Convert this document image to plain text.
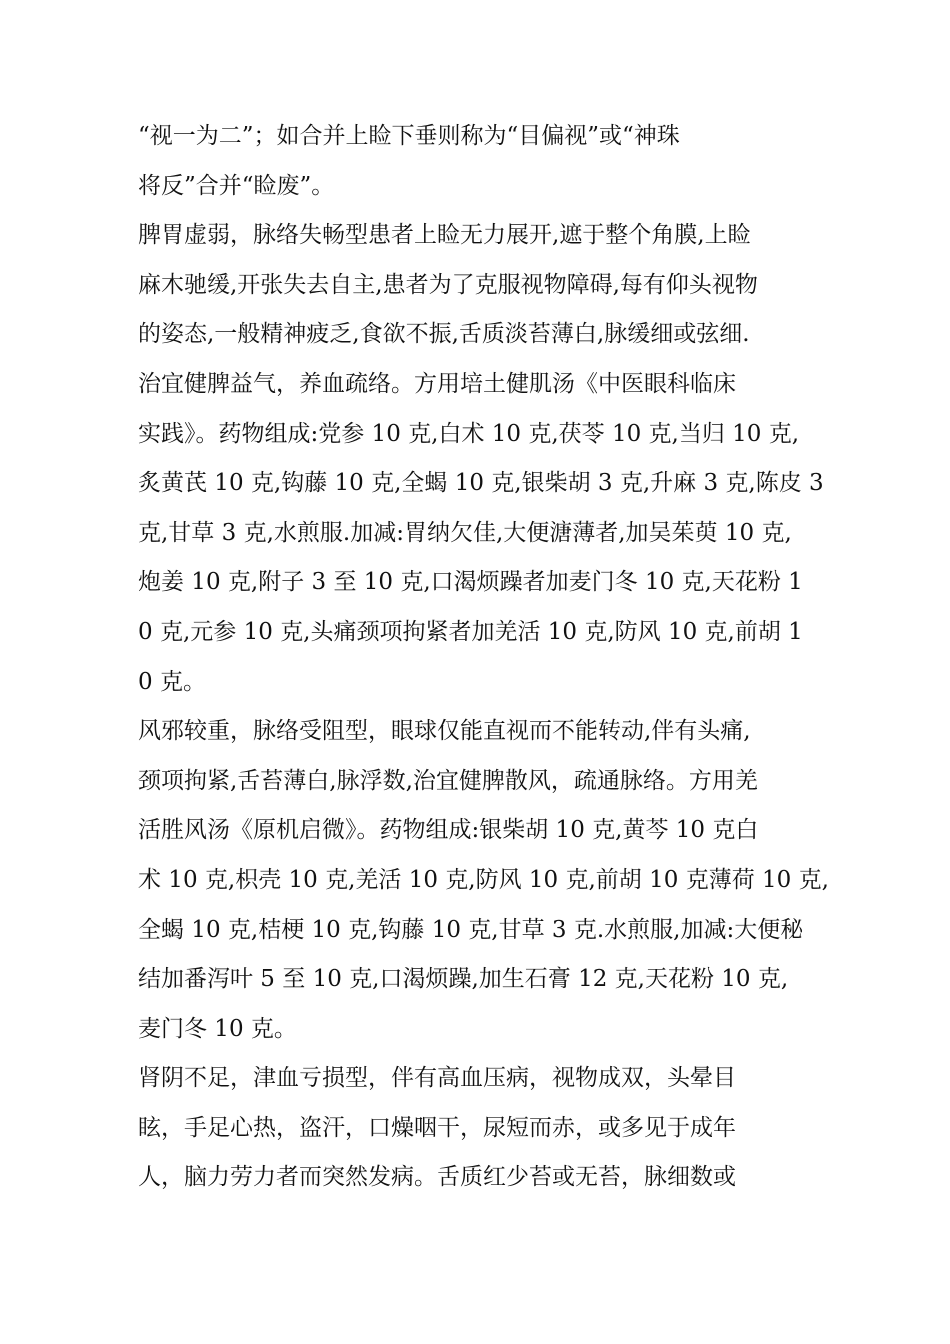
“视一为二”；如合并上睑下垂则称为“目偏视”或“神珠
将反”合并“睑废”。
脾胃虚弱，脉络失畅型患者上睑无力展开,遮于整个角膜,上睑
麻木驰缓,开张失去自主,患者为了克服视物障碍,每有仰头视物
的姿态,一般精神疲乏,食欲不振,舌质淡苔薄白,脉缓细或弦细.
治宜健脾益气，养血疏络。方用培土健肌汤《中医眼科临床
实践》。药物组成:党参 10 克,白术 10 克,茯苓 10 克,当归 10 克,
炙黄芪 10 克,钩藤 10 克,全蝎 10 克,银柴胡 3 克,升麻 3 克,陈皮 3
克,甘草 3 克,水煎服.加减:胃纳欠佳,大便溏薄者,加吴茱萸 10 克,
炮姜 10 克,附子 3 至 10 克,口渴烦躁者加麦门冬 10 克,天花粉 1
0 克,元参 10 克,头痛颈项拘紧者加羌活 10 克,防风 10 克,前胡 1
0 克。
风邪较重，脉络受阻型，眼球仅能直视而不能转动,伴有头痛,
颈项拘紧,舌苔薄白,脉浮数,治宜健脾散风，疏通脉络。方用羌
活胜风汤《原机启微》。药物组成:银柴胡 10 克,黄芩 10 克白
术 10 克,枳壳 10 克,羌活 10 克,防风 10 克,前胡 10 克薄荷 10 克,
全蝎 10 克,桔梗 10 克,钩藤 10 克,甘草 3 克.水煎服,加减:大便秘
结加番泻叶 5 至 10 克,口渴烦躁,加生石膏 12 克,天花粉 10 克,
麦门冬 10 克。
肾阴不足，津血亏损型，伴有高血压病，视物成双，头晕目
眩，手足心热，盗汗，口燥咽干，尿短而赤，或多见于成年
人，脑力劳力者而突然发病。舌质红少苔或无苔，脉细数或
